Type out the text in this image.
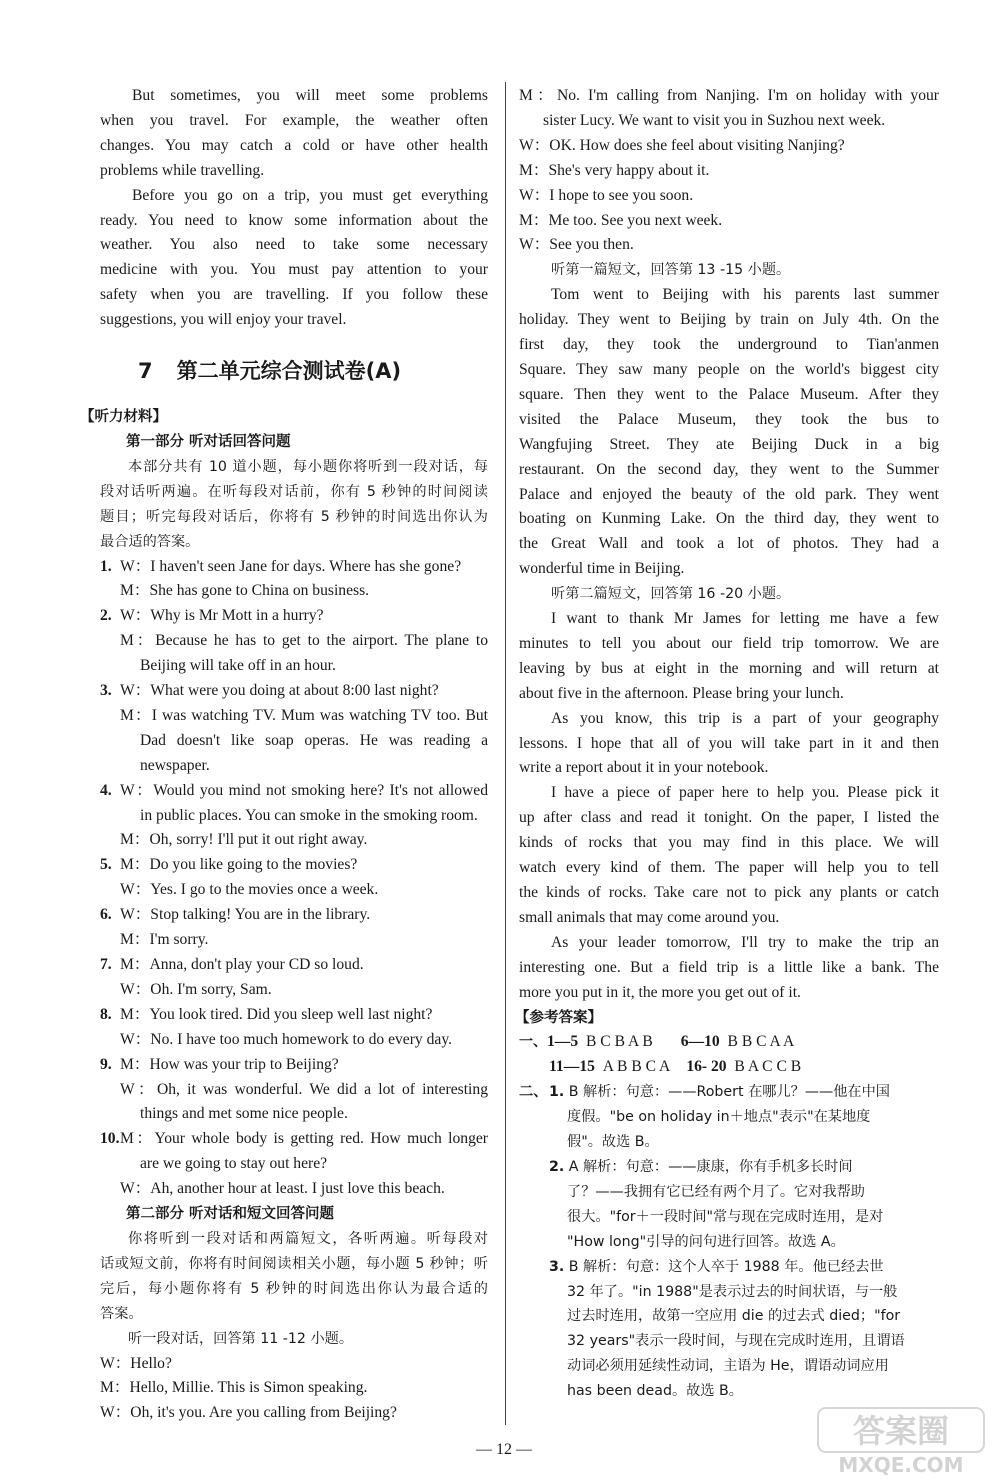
But sometimes, you will meet some problems
when you travel. For example, the weather often
changes. You may catch a cold or have other health
problems while travelling.
Before you go on a trip, you must get everything
ready. You need to know some information about the
weather. You also need to take some necessary
medicine with you. You must pay attention to your
safety when you are travelling. If you follow these
suggestions, you will enjoy your travel.
7 第二单元综合测试卷(A)
【听力材料】
第一部分 听对话回答问题
本部分共有 10 道小题，每小题你将听到一段对话，每
段对话听两遍。在听每段对话前，你有 5 秒钟的时间阅读
题目；听完每段对话后，你将有 5 秒钟的时间选出你认为
最合适的答案。
1. W：I haven't seen Jane for days. Where has she gone?
M：She has gone to China on business.
2. W：Why is Mr Mott in a hurry?
M：Because he has to get to the airport. The plane to
Beijing will take off in an hour.
3. W：What were you doing at about 8:00 last night?
M：I was watching TV. Mum was watching TV too. But
Dad doesn't like soap operas. He was reading a
newspaper.
4. W：Would you mind not smoking here? It's not allowed
in public places. You can smoke in the smoking room.
M：Oh, sorry! I'll put it out right away.
5. M：Do you like going to the movies?
W：Yes. I go to the movies once a week.
6. W：Stop talking! You are in the library.
M：I'm sorry.
7. M：Anna, don't play your CD so loud.
W：Oh. I'm sorry, Sam.
8. M：You look tired. Did you sleep well last night?
W：No. I have too much homework to do every day.
9. M：How was your trip to Beijing?
W：Oh, it was wonderful. We did a lot of interesting
things and met some nice people.
10.M：Your whole body is getting red. How much longer
are we going to stay out here?
W：Ah, another hour at least. I just love this beach.
第二部分 听对话和短文回答问题
你将听到一段对话和两篇短文，各听两遍。听每段对
话或短文前，你将有时间阅读相关小题，每小题 5 秒钟；听
完后，每小题你将有 5 秒钟的时间选出你认为最合适的
答案。
听一段对话，回答第 11 -12 小题。
W：Hello?
M：Hello, Millie. This is Simon speaking.
W：Oh, it's you. Are you calling from Beijing?
M：No. I'm calling from Nanjing. I'm on holiday with your
sister Lucy. We want to visit you in Suzhou next week.
W：OK. How does she feel about visiting Nanjing?
M：She's very happy about it.
W：I hope to see you soon.
M：Me too. See you next week.
W：See you then.
听第一篇短文，回答第 13 -15 小题。
Tom went to Beijing with his parents last summer
holiday. They went to Beijing by train on July 4th. On the
first day, they took the underground to Tian'anmen
Square. They saw many people on the world's biggest city
square. Then they went to the Palace Museum. After they
visited the Palace Museum, they took the bus to
Wangfujing Street. They ate Beijing Duck in a big
restaurant. On the second day, they went to the Summer
Palace and enjoyed the beauty of the old park. They went
boating on Kunming Lake. On the third day, they went to
the Great Wall and took a lot of photos. They had a
wonderful time in Beijing.
听第二篇短文，回答第 16 -20 小题。
I want to thank Mr James for letting me have a few
minutes to tell you about our field trip tomorrow. We are
leaving by bus at eight in the morning and will return at
about five in the afternoon. Please bring your lunch.
As you know, this trip is a part of your geography
lessons. I hope that all of you will take part in it and then
write a report about it in your notebook.
I have a piece of paper here to help you. Please pick it
up after class and read it tonight. On the paper, I listed the
kinds of rocks that you may find in this place. We will
watch every kind of them. The paper will help you to tell
the kinds of rocks. Take care not to pick any plants or catch
small animals that may come around you.
As your leader tomorrow, I'll try to make the trip an
interesting one. But a field trip is a little like a bank. The
more you put in it, the more you get out of it.
【参考答案】
一、1—5 B C B A B 6—10 B B C A A
11—15 A B B C A 16- 20 B A C C B
二、 1. B 解析：句意：——Robert 在哪儿？——他在中国
度假。"be on holiday in＋地点"表示"在某地度
假"。故选 B。
2. A 解析：句意：——康康，你有手机多长时间
了？——我拥有它已经有两个月了。它对我帮助
很大。"for＋一段时间"常与现在完成时连用，是对
"How long"引导的问句进行回答。故选 A。
3. B 解析：句意：这个人卒于 1988 年。他已经去世
32 年了。"in 1988"是表示过去的时间状语，与一般
过去时连用，故第一空应用 die 的过去式 died；"for
32 years"表示一段时间，与现在完成时连用，且谓语
动词必须用延续性动词，主语为 He，谓语动词应用
has been dead。故选 B。
— 12 —	答案圈
MXQE.COM
